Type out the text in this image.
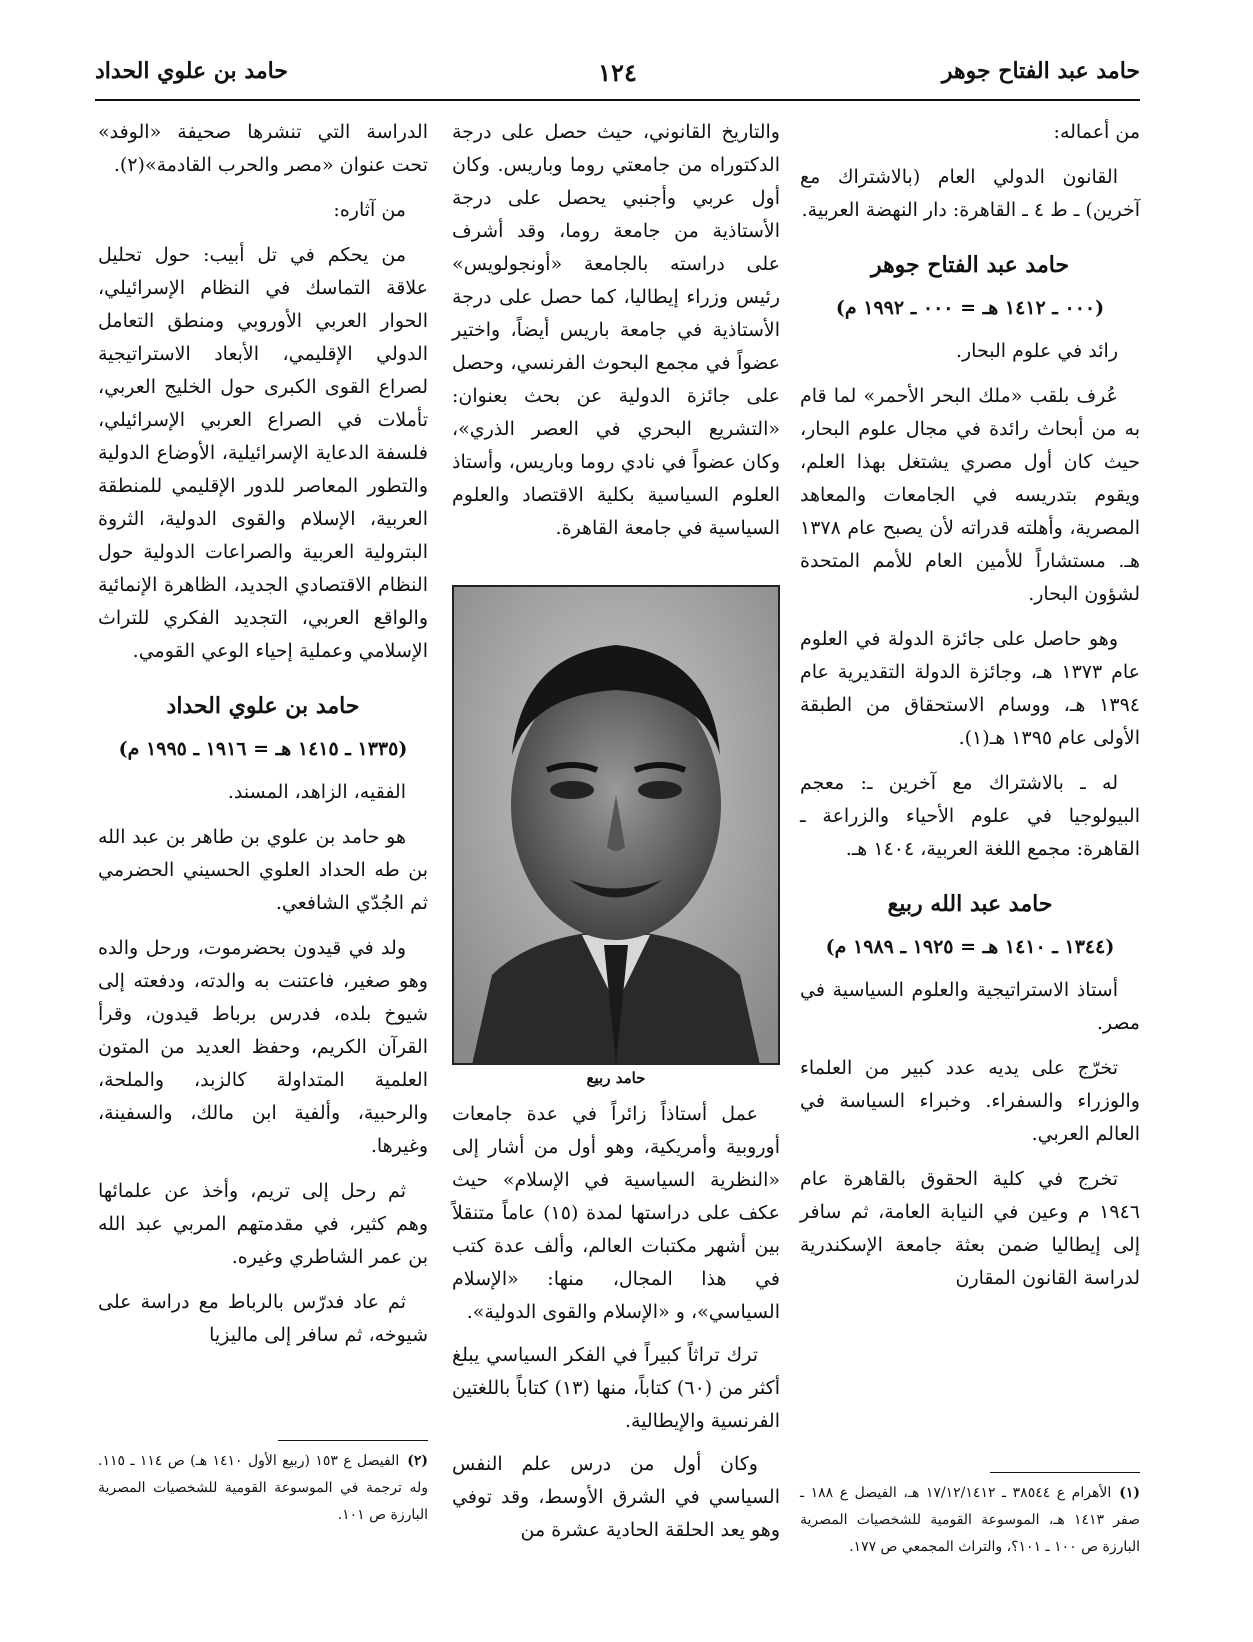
حامد عبد الفتاح جوهر
١٢٤
حامد بن علوي الحداد

من أعماله:

القانون الدولي العام (بالاشتراك مع آخرين) ـ ط ٤ ـ القاهرة: دار النهضة العربية.

حامد عبد الفتاح جوهر
(٠٠٠ ـ ١٤١٢ هـ = ٠٠٠ ـ ١٩٩٢ م)

رائد في علوم البحار.

عُرف بلقب «ملك البحر الأحمر» لما قام به من أبحاث رائدة في مجال علوم البحار، حيث كان أول مصري يشتغل بهذا العلم، ويقوم بتدريسه في الجامعات والمعاهد المصرية، وأهلته قدراته لأن يصبح عام ١٣٧٨ هـ. مستشاراً للأمين العام للأمم المتحدة لشؤون البحار.

وهو حاصل على جائزة الدولة في العلوم عام ١٣٧٣ هـ، وجائزة الدولة التقديرية عام ١٣٩٤ هـ، ووسام الاستحقاق من الطبقة الأولى عام ١٣٩٥ هـ(١).

له ـ بالاشتراك مع آخرين ـ: معجم البيولوجيا في علوم الأحياء والزراعة ـ القاهرة: مجمع اللغة العربية، ١٤٠٤ هـ.

حامد عبد الله ربيع
(١٣٤٤ ـ ١٤١٠ هـ = ١٩٢٥ ـ ١٩٨٩ م)

أستاذ الاستراتيجية والعلوم السياسية في مصر.

تخرّج على يديه عدد كبير من العلماء والوزراء والسفراء. وخبراء السياسة في العالم العربي.

تخرج في كلية الحقوق بالقاهرة عام ١٩٤٦ م وعين في النيابة العامة، ثم سافر إلى إيطاليا ضمن بعثة جامعة الإسكندرية لدراسة القانون المقارن

(١)الأهرام ع ٣٨٥٤٤ ـ ١٧/١٢/١٤١٢ هـ، الفيصل ع ١٨٨ ـ صفر ١٤١٣ هـ، الموسوعة القومية للشخصيات المصرية البارزة ص ١٠٠ ـ ١٠١؟، والتراث المجمعي ص ١٧٧.

والتاريخ القانوني، حيث حصل على درجة الدكتوراه من جامعتي روما وباريس. وكان أول عربي وأجنبي يحصل على درجة الأستاذية من جامعة روما، وقد أشرف على دراسته بالجامعة «أونجولويس» رئيس وزراء إيطاليا، كما حصل على درجة الأستاذية في جامعة باريس أيضاً، واختير عضواً في مجمع البحوث الفرنسي، وحصل على جائزة الدولية عن بحث بعنوان: «التشريع البحري في العصر الذري»، وكان عضواً في نادي روما وباريس، وأستاذ العلوم السياسية بكلية الاقتصاد والعلوم السياسية في جامعة القاهرة.

حامد ربيع

عمل أستاذاً زائراً في عدة جامعات أوروبية وأمريكية، وهو أول من أشار إلى «النظرية السياسية في الإسلام» حيث عكف على دراستها لمدة (١٥) عاماً متنقلاً بين أشهر مكتبات العالم، وألف عدة كتب في هذا المجال، منها: «الإسلام السياسي»، و «الإسلام والقوى الدولية».

ترك تراثاً كبيراً في الفكر السياسي يبلغ أكثر من (٦٠) كتاباً، منها (١٣) كتاباً باللغتين الفرنسية والإيطالية.

وكان أول من درس علم النفس السياسي في الشرق الأوسط، وقد توفي وهو يعد الحلقة الحادية عشرة من

الدراسة التي تنشرها صحيفة «الوفد» تحت عنوان «مصر والحرب القادمة»(٢).

من آثاره:

من يحكم في تل أبيب: حول تحليل علاقة التماسك في النظام الإسرائيلي، الحوار العربي الأوروبي ومنطق التعامل الدولي الإقليمي، الأبعاد الاستراتيجية لصراع القوى الكبرى حول الخليج العربي، تأملات في الصراع العربي الإسرائيلي، فلسفة الدعاية الإسرائيلية، الأوضاع الدولية والتطور المعاصر للدور الإقليمي للمنطقة العربية، الإسلام والقوى الدولية، الثروة البترولية العربية والصراعات الدولية حول النظام الاقتصادي الجديد، الظاهرة الإنمائية والواقع العربي، التجديد الفكري للتراث الإسلامي وعملية إحياء الوعي القومي.

حامد بن علوي الحداد
(١٣٣٥ ـ ١٤١٥ هـ = ١٩١٦ ـ ١٩٩٥ م)

الفقيه، الزاهد، المسند.

هو حامد بن علوي بن طاهر بن عبد الله بن طه الحداد العلوي الحسيني الحضرمي ثم الجُدّي الشافعي.

ولد في قيدون بحضرموت، ورحل والده وهو صغير، فاعتنت به والدته، ودفعته إلى شيوخ بلده، فدرس برباط قيدون، وقرأ القرآن الكريم، وحفظ العديد من المتون العلمية المتداولة كالزبد، والملحة، والرحبية، وألفية ابن مالك، والسفينة، وغيرها.

ثم رحل إلى تريم، وأخذ عن علمائها وهم كثير، في مقدمتهم المربي عبد الله بن عمر الشاطري وغيره.

ثم عاد فدرّس بالرباط مع دراسة على شيوخه، ثم سافر إلى ماليزيا

(٢)الفيصل ع ١٥٣ (ربيع الأول ١٤١٠ هـ) ص ١١٤ ـ ١١٥. وله ترجمة في الموسوعة القومية للشخصيات المصرية البارزة ص ١٠١.
